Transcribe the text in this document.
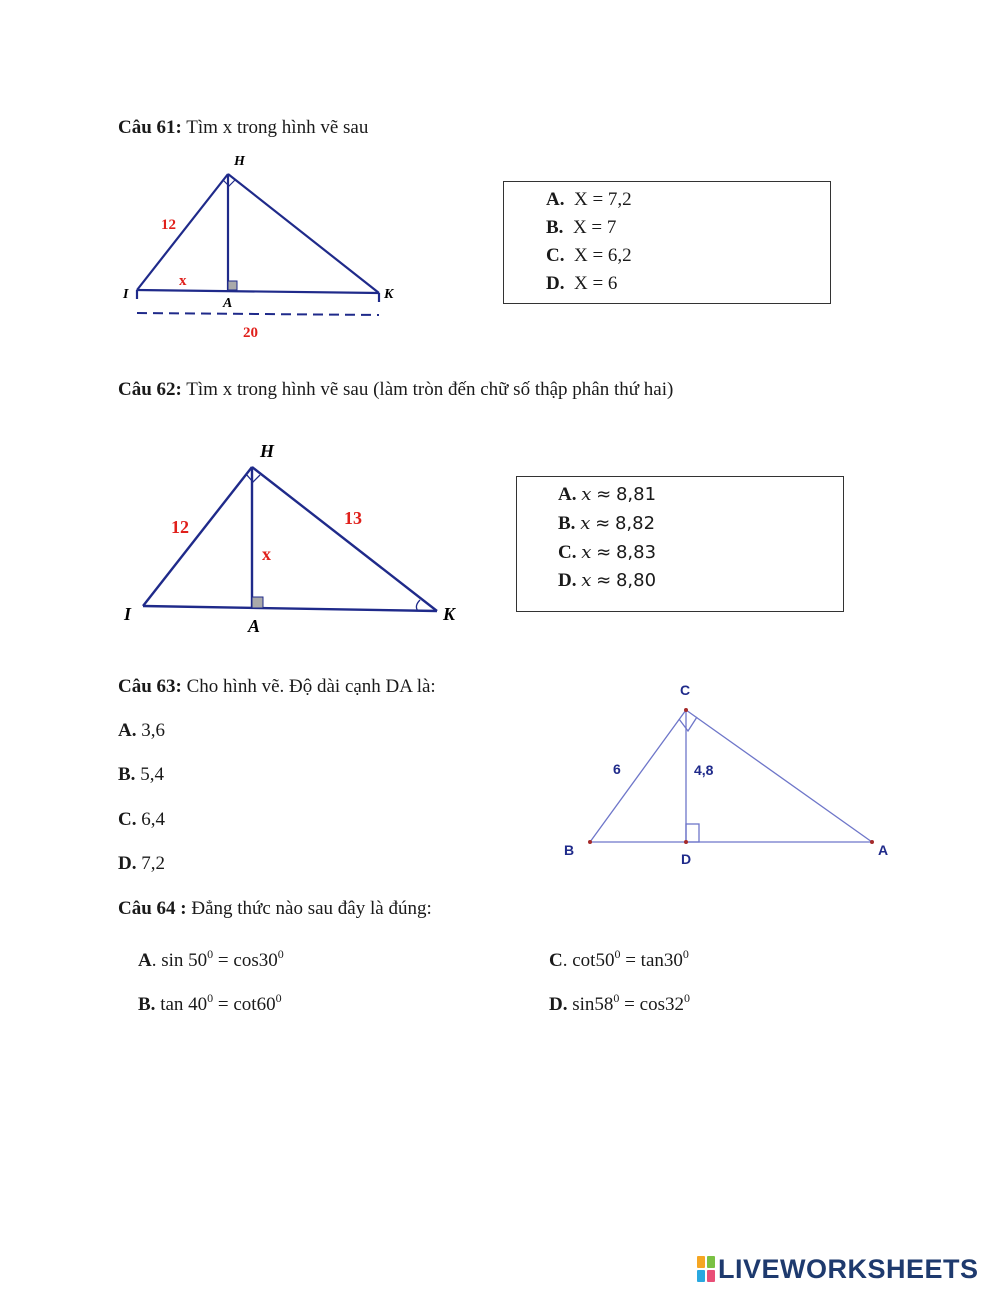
Câu 61: Tìm x trong hình vẽ sau
H
I	K
A
12
x
20
A. X = 7,2
B. X = 7
C. X = 6,2
D. X = 6
Câu 62: Tìm x trong hình vẽ sau (làm tròn đến chữ số thập phân thứ hai)
H
I	K
A
12	13
x
A. x ≈ 8,81
B. x ≈ 8,82
C. x ≈ 8,83
D. x ≈ 8,80
Câu 63: Cho hình vẽ. Độ dài cạnh DA là:
A. 3,6
B. 5,4
C. 6,4
D. 7,2
C
B
D
A
6	4,8
Câu 64 : Đẳng thức nào sau đây là đúng:
A. $\sin 50^0 = \cos 30^0$
B. $\tan 40^0 = \cot 60^0$
C. $\cot 50^0 = \tan 30^0$
D. $\sin 58^0 = \cos 32^0$
LIVEWORKSHEETS
